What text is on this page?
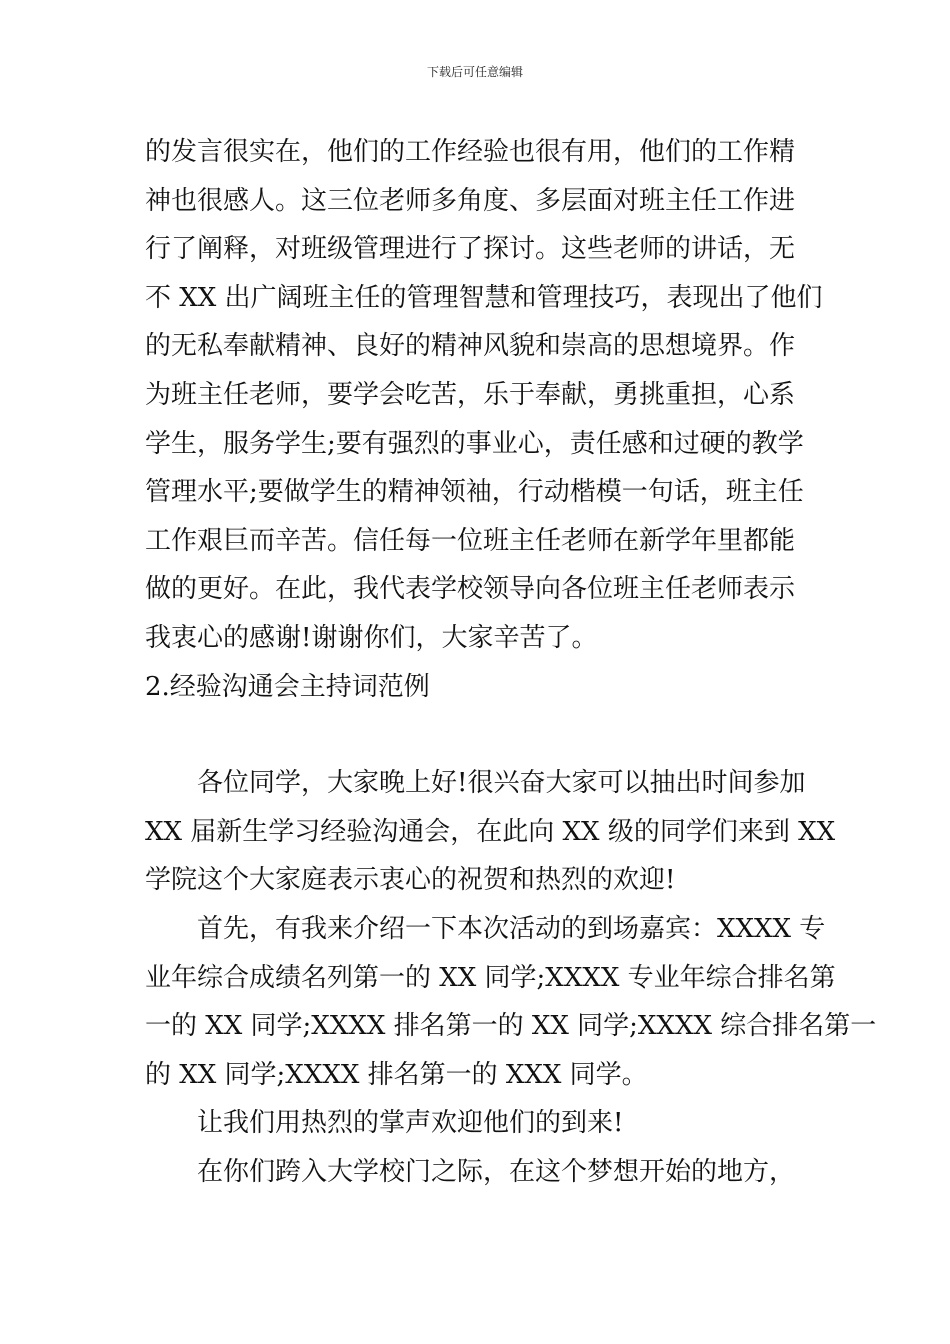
下载后可任意编辑
的发言很实在，他们的工作经验也很有用，他们的工作精
神也很感人。这三位老师多角度、多层面对班主任工作进
行了阐释，对班级管理进行了探讨。这些老师的讲话，无
不 XX 出广阔班主任的管理智慧和管理技巧，表现出了他们
的无私奉献精神、良好的精神风貌和崇高的思想境界。作
为班主任老师，要学会吃苦，乐于奉献，勇挑重担，心系
学生，服务学生;要有强烈的事业心，责任感和过硬的教学
管理水平;要做学生的精神领袖，行动楷模一句话，班主任
工作艰巨而辛苦。信任每一位班主任老师在新学年里都能
做的更好。在此，我代表学校领导向各位班主任老师表示
我衷心的感谢!谢谢你们，大家辛苦了。
2.经验沟通会主持词范例
各位同学，大家晚上好!很兴奋大家可以抽出时间参加
XX 届新生学习经验沟通会，在此向 XX 级的同学们来到 XX
学院这个大家庭表示衷心的祝贺和热烈的欢迎!
首先，有我来介绍一下本次活动的到场嘉宾：XXXX 专
业年综合成绩名列第一的 XX 同学;XXXX 专业年综合排名第
一的 XX 同学;XXXX 排名第一的 XX 同学;XXXX 综合排名第一
的 XX 同学;XXXX 排名第一的 XXX 同学。
让我们用热烈的掌声欢迎他们的到来!
在你们跨入大学校门之际，在这个梦想开始的地方，
